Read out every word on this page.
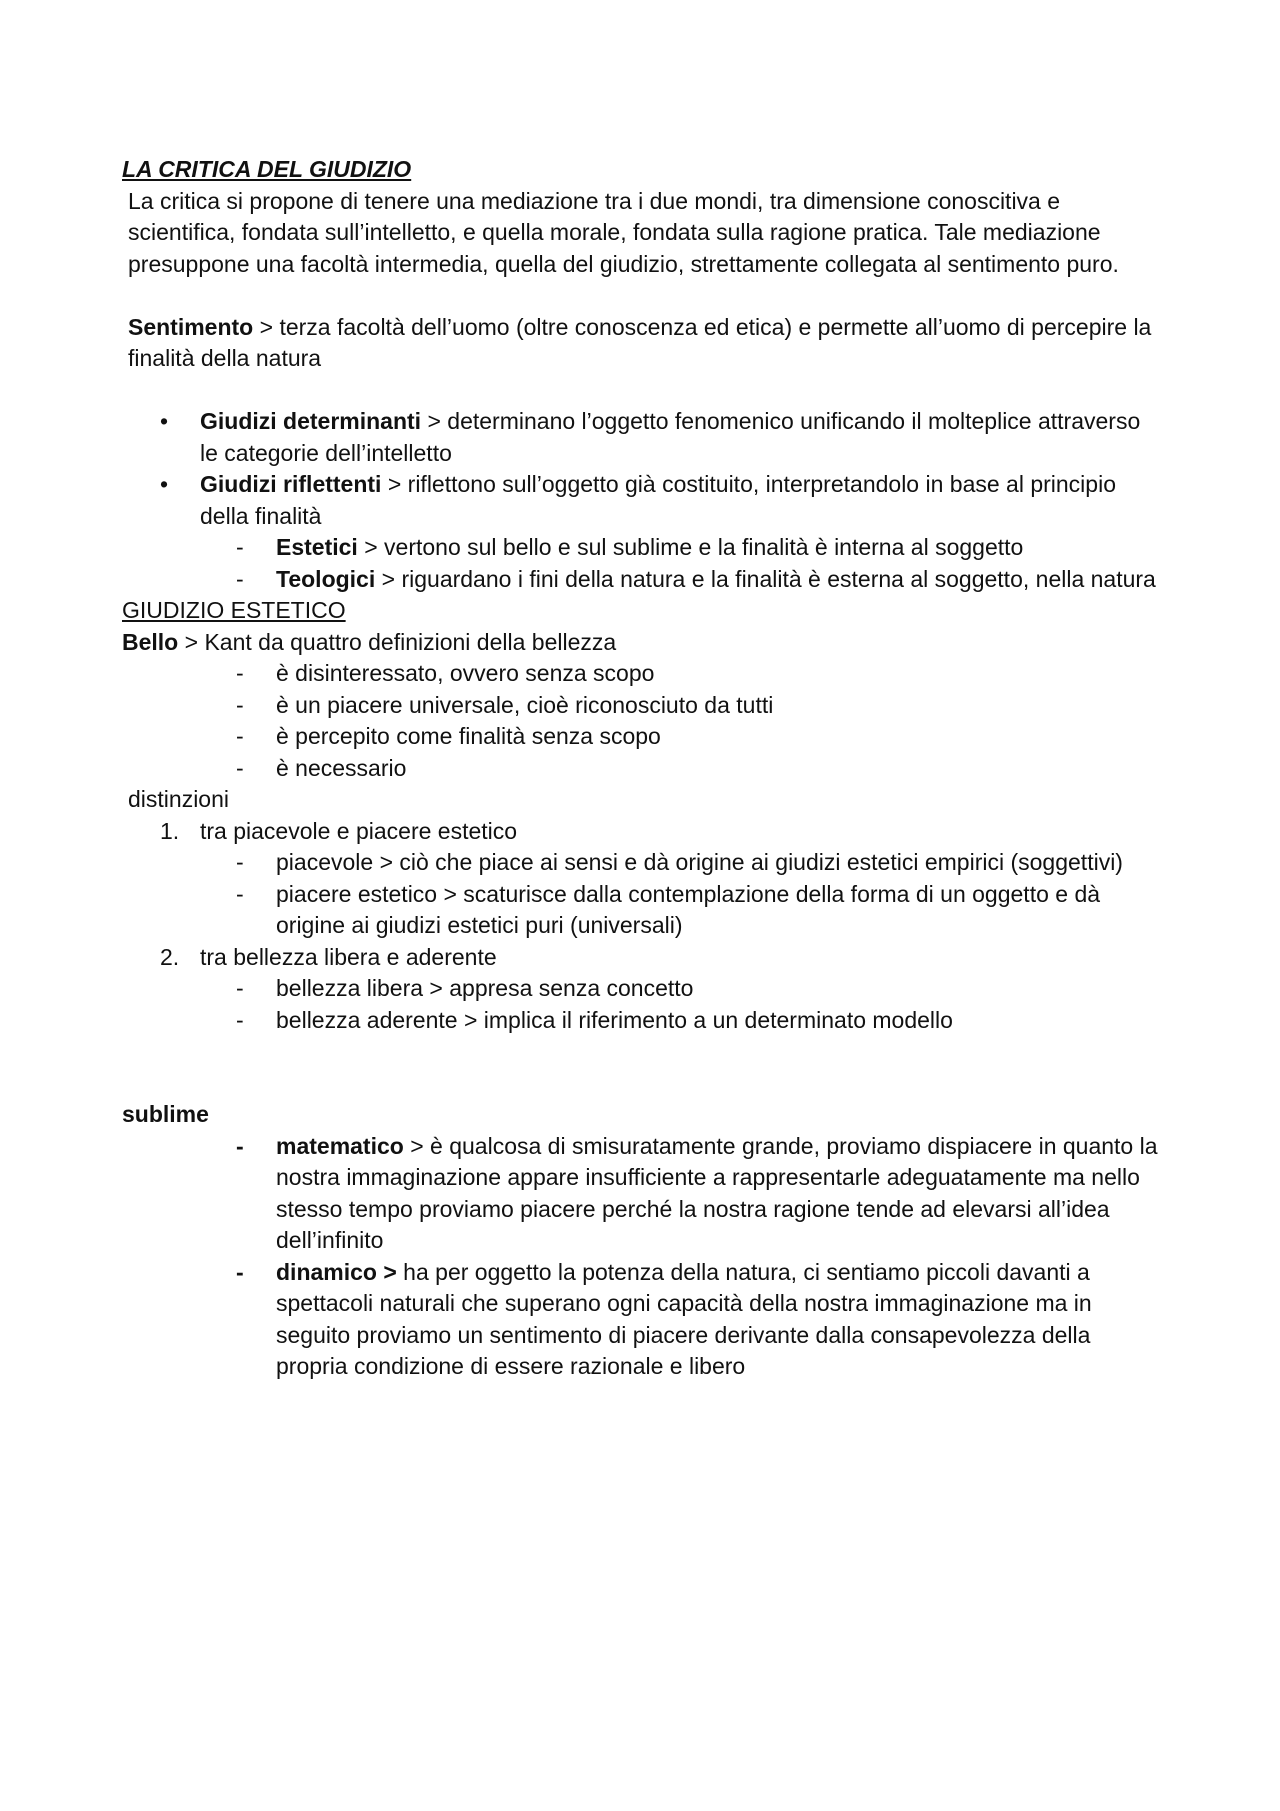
LA CRITICA DEL GIUDIZIO

La critica si propone di tenere una mediazione tra i due mondi, tra dimensione conoscitiva e scientifica, fondata sull’intelletto, e quella morale, fondata sulla ragione pratica. Tale mediazione presuppone una facoltà intermedia, quella del giudizio, strettamente collegata al sentimento puro.

Sentimento > terza facoltà dell’uomo (oltre conoscenza ed etica) e permette all’uomo di percepire la finalità della natura

• Giudizi determinanti > determinano l’oggetto fenomenico unificando il molteplice attraverso le categorie dell’intelletto
• Giudizi riflettenti > riflettono sull’oggetto già costituito, interpretandolo in base al principio della finalità
- Estetici > vertono sul bello e sul sublime e la finalità è interna al soggetto
- Teologici > riguardano i fini della natura e la finalità è esterna al soggetto, nella natura

GIUDIZIO ESTETICO

Bello > Kant da quattro definizioni della bellezza

- è disinteressato, ovvero senza scopo
- è un piacere universale, cioè riconosciuto da tutti
- è percepito come finalità senza scopo
- è necessario

distinzioni

1. tra piacevole e piacere estetico
- piacevole > ciò che piace ai sensi e dà origine ai giudizi estetici empirici (soggettivi)
- piacere estetico > scaturisce dalla contemplazione della forma di un oggetto e dà origine ai giudizi estetici puri (universali)
2. tra bellezza libera e aderente
- bellezza libera > appresa senza concetto
- bellezza aderente > implica il riferimento a un determinato modello

sublime

- matematico > è qualcosa di smisuratamente grande, proviamo dispiacere in quanto la nostra immaginazione appare insufficiente a rappresentarle adeguatamente ma nello stesso tempo proviamo piacere perché la nostra ragione tende ad elevarsi all’idea dell’infinito
- dinamico > ha per oggetto la potenza della natura, ci sentiamo piccoli davanti a spettacoli naturali che superano ogni capacità della nostra immaginazione ma in seguito proviamo un sentimento di piacere derivante dalla consapevolezza della propria condizione di essere razionale e libero
